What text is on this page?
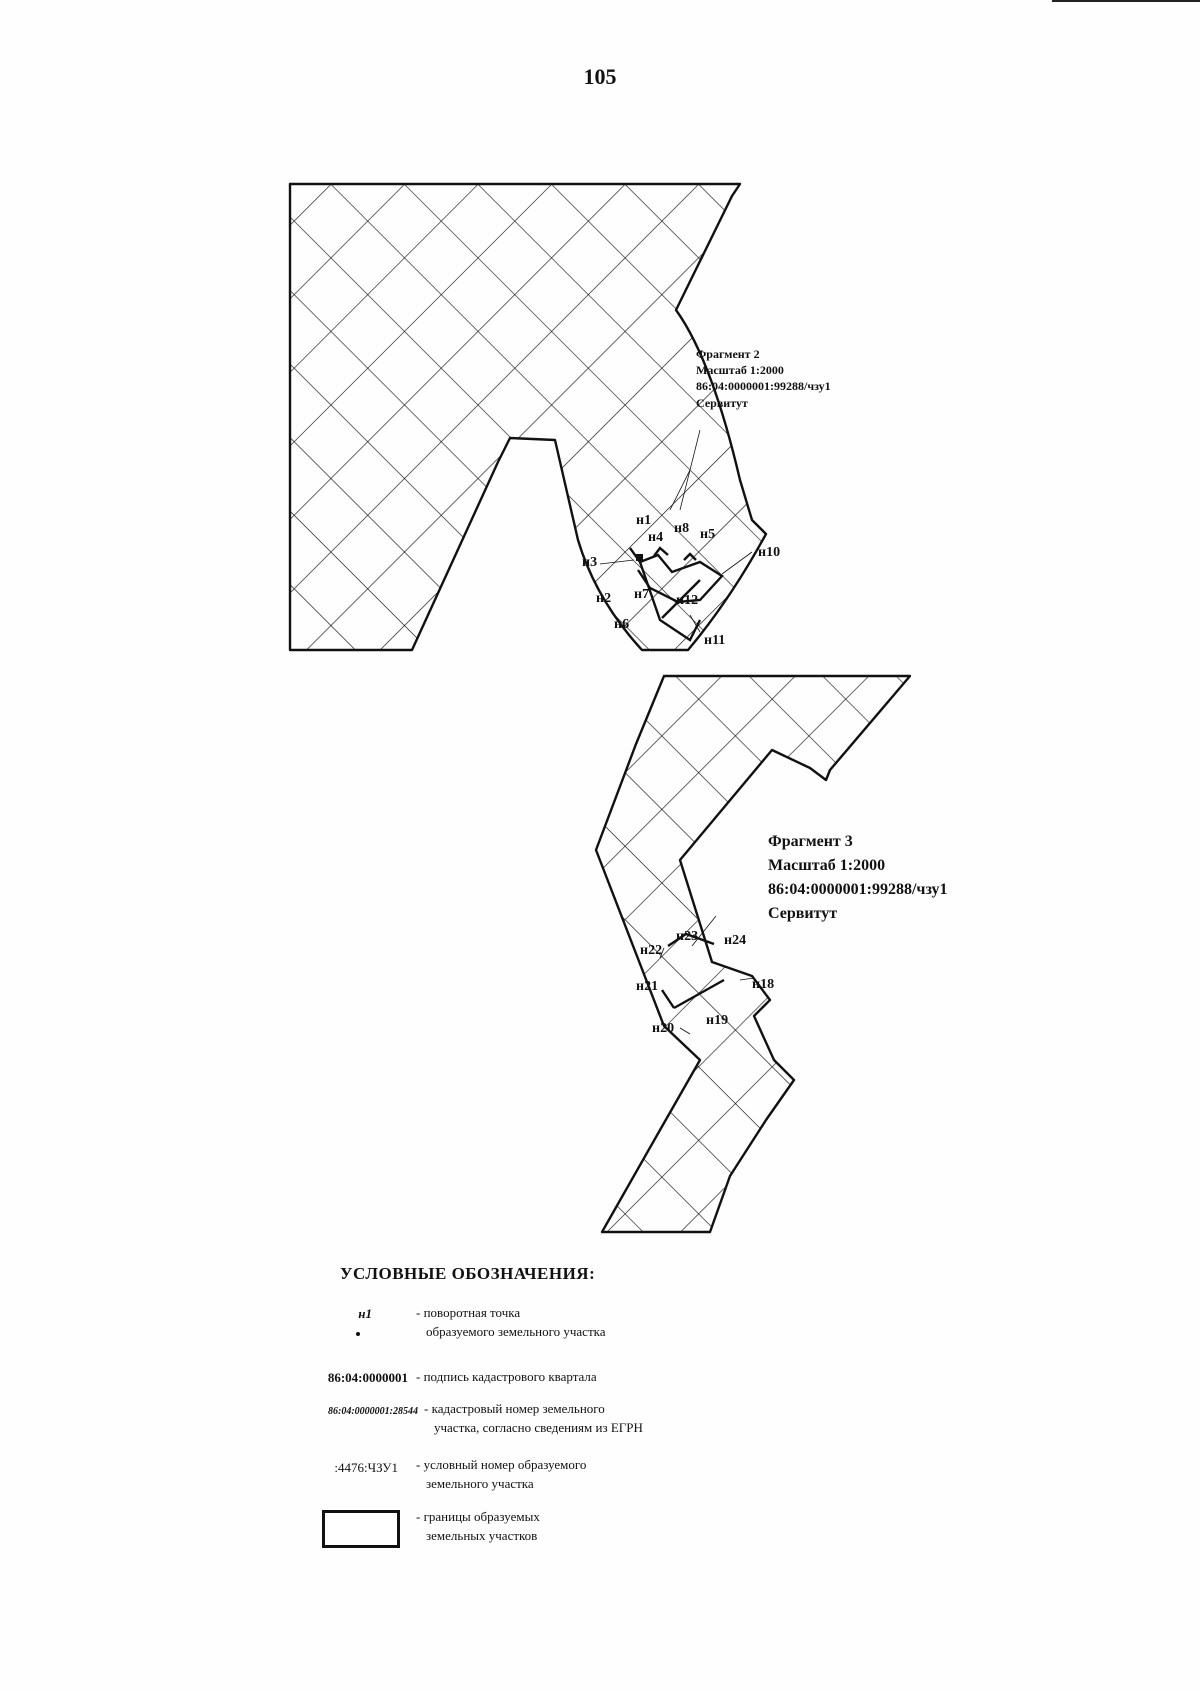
105
н1
н4
н8 н5
н3
н10
н2 н7 н12
н6
н11
н22
н23 н24
н21	н18
н20
н19
Фрагмент 2
Масштаб 1:2000
86:04:0000001:99288/чзу1
Сервитут
Фрагмент 3
Масштаб 1:2000
86:04:0000001:99288/чзу1
Сервитут
УСЛОВНЫЕ ОБОЗНАЧЕНИЯ:
н1	- поворотная точка
образуемого земельного участка
86:04:0000001 - подпись кадастрового квартала
86:04:0000001:28544 - кадастровый номер земельного
участка, согласно сведениям из ЕГРН
:4476:ЧЗУ1 - условный номер образуемого
земельного участка
- границы образуемых
земельных участков
